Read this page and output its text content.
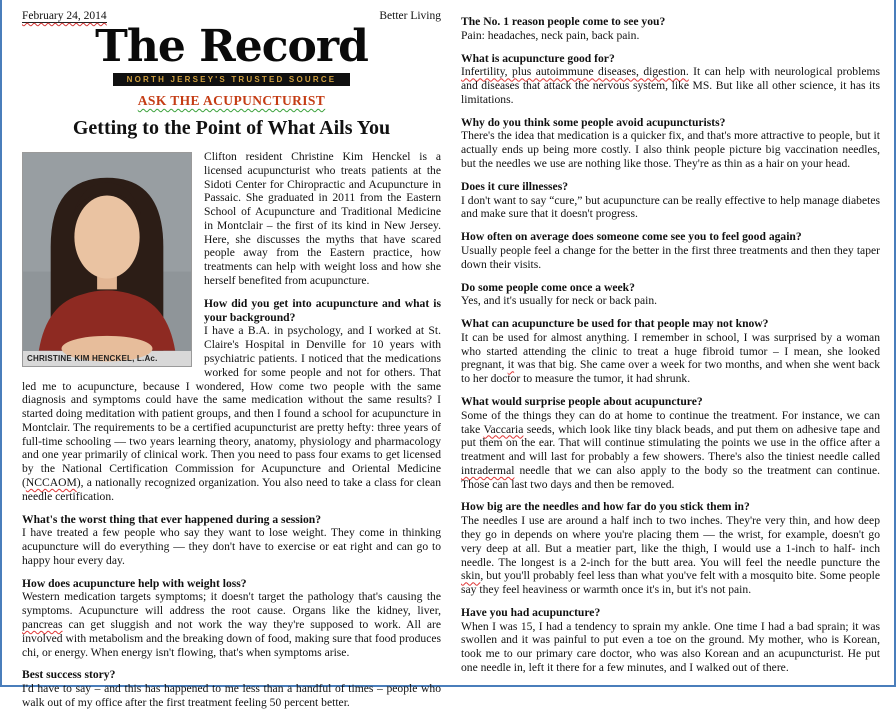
February 24, 2014	Better Living
The Record
NORTH JERSEY'S TRUSTED SOURCE
ASK THE ACUPUNCTURIST
Getting to the Point of What Ails You
CHRISTINE KIM HENCKEL, L.Ac.

Clifton resident Christine Kim Henckel is a licensed acupuncturist who treats patients at the Sidoti Center for Chiropractic and Acupuncture in Passaic. She graduated in 2011 from the Eastern School of Acupuncture and Traditional Medicine in Montclair – the first of its kind in New Jersey. Here, she discusses the myths that have scared people away from the Eastern practice, how treatments can help with weight loss and how she herself benefited from acupuncture.

How did you get into acupuncture and what is your background?

I have a B.A. in psychology, and I worked at St. Claire's Hospital in Denville for 10 years with psychiatric patients. I noticed that the medications worked for some people and not for others. That led me to acupuncture, because I wondered, How come two people with the same diagnosis and symptoms could have the same medication without the same results? I started doing meditation with patient groups, and then I found a school for acupuncture in Montclair. The requirements to be a certified acupuncturist are pretty hefty: three years of full-time schooling — two years learning theory, anatomy, physiology and pharmacology and one year primarily of clinical work. Then you need to pass four exams to get licensed by the National Certification Commission for Acupuncture and Oriental Medicine (NCCAOM), a nationally recognized organization. You also need to take a class for clean needle certification.

What's the worst thing that ever happened during a session?

I have treated a few people who say they want to lose weight. They come in thinking acupuncture will do everything — they don't have to exercise or eat right and can go to happy hour every day.

How does acupuncture help with weight loss?

Western medication targets symptoms; it doesn't target the pathology that's causing the symptoms. Acupuncture will address the root cause. Organs like the kidney, liver, pancreas can get sluggish and not work the way they're supposed to work. All are involved with metabolism and the breaking down of food, making sure that food produces chi, or energy. When energy isn't flowing, that's when symptoms arise.

Best success story?

I'd have to say – and this has happened to me less than a handful of times – people who walk out of my office after the first treatment feeling 50 percent better.

The No. 1 reason people come to see you?

Pain: headaches, neck pain, back pain.

What is acupuncture good for?

Infertility, plus autoimmune diseases, digestion. It can help with neurological problems and diseases that attack the nervous system, like MS. But like all other science, it has its limitations.

Why do you think some people avoid acupuncturists?

There's the idea that medication is a quicker fix, and that's more attractive to people, but it actually ends up being more costly. I also think people picture big vaccination needles, but the needles we use are nothing like those. They're as thin as a hair on your head.

Does it cure illnesses?

I don't want to say “cure,” but acupuncture can be really effective to help manage diabetes and make sure that it doesn't progress.

How often on average does someone come see you to feel good again?

Usually people feel a change for the better in the first three treatments and then they taper down their visits.

Do some people come once a week?

Yes, and it's usually for neck or back pain.

What can acupuncture be used for that people may not know?

It can be used for almost anything. I remember in school, I was surprised by a woman who started attending the clinic to treat a huge fibroid tumor – I mean, she looked pregnant, it was that big. She came over a week for two months, and when she went back to her doctor to measure the tumor, it had shrunk.

What would surprise people about acupuncture?

Some of the things they can do at home to continue the treatment. For instance, we can take Vaccaria seeds, which look like tiny black beads, and put them on adhesive tape and put them on the ear. That will continue stimulating the points we use in the office after a treatment and will last for probably a few showers. There's also the tiniest needle called intradermal needle that we can also apply to the body so the treatment can continue. Those can last two days and then be removed.

How big are the needles and how far do you stick them in?

The needles I use are around a half inch to two inches. They're very thin, and how deep they go in depends on where you're placing them — the wrist, for example, doesn't go very deep at all. But a meatier part, like the thigh, I would use a 1-inch to half- inch needle. The longest is a 2-inch for the butt area. You will feel the needle puncture the skin, but you'll probably feel less than what you've felt with a mosquito bite. Some people say they feel heaviness or warmth once it's in, but it's not pain.

Have you had acupuncture?

When I was 15, I had a tendency to sprain my ankle. One time I had a bad sprain; it was swollen and it was painful to put even a toe on the ground. My mother, who is Korean, took me to our primary care doctor, who was also Korean and an acupuncturist. He put one needle in, left it there for a few minutes, and I walked out of there.
